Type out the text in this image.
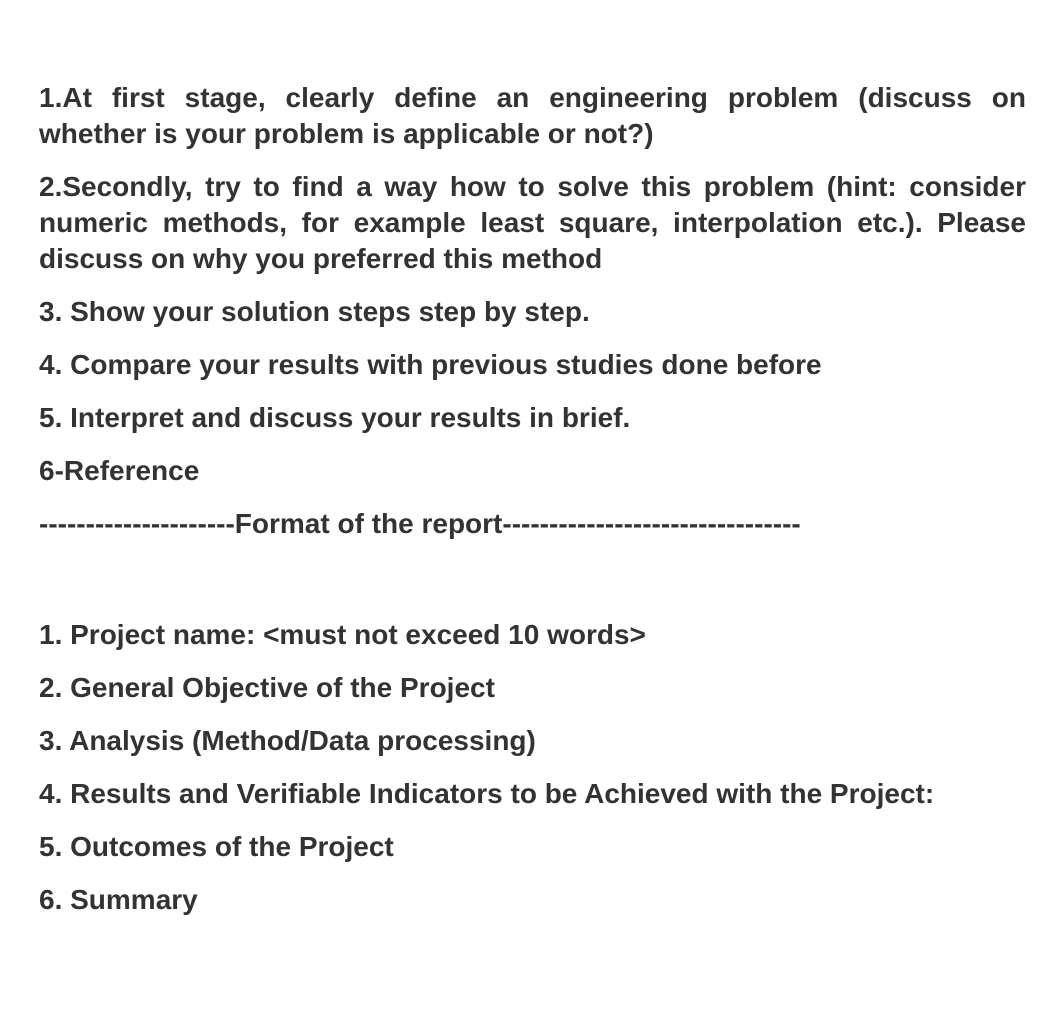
1.At first stage, clearly define an engineering problem (discuss on whether is your problem is applicable or not?)

2.Secondly, try to find a way how to solve this problem (hint: consider numeric methods, for example least square, interpolation etc.). Please discuss on why you preferred this method

3. Show your solution steps step by step.

4. Compare your results with previous studies done before

5. Interpret and discuss your results in brief.

6-Reference

---------------------Format of the report--------------------------------

1. Project name: <must not exceed 10 words>

2. General Objective of the Project

3. Analysis (Method/Data processing)

4. Results and Verifiable Indicators to be Achieved with the Project:

5. Outcomes of the Project

6. Summary
